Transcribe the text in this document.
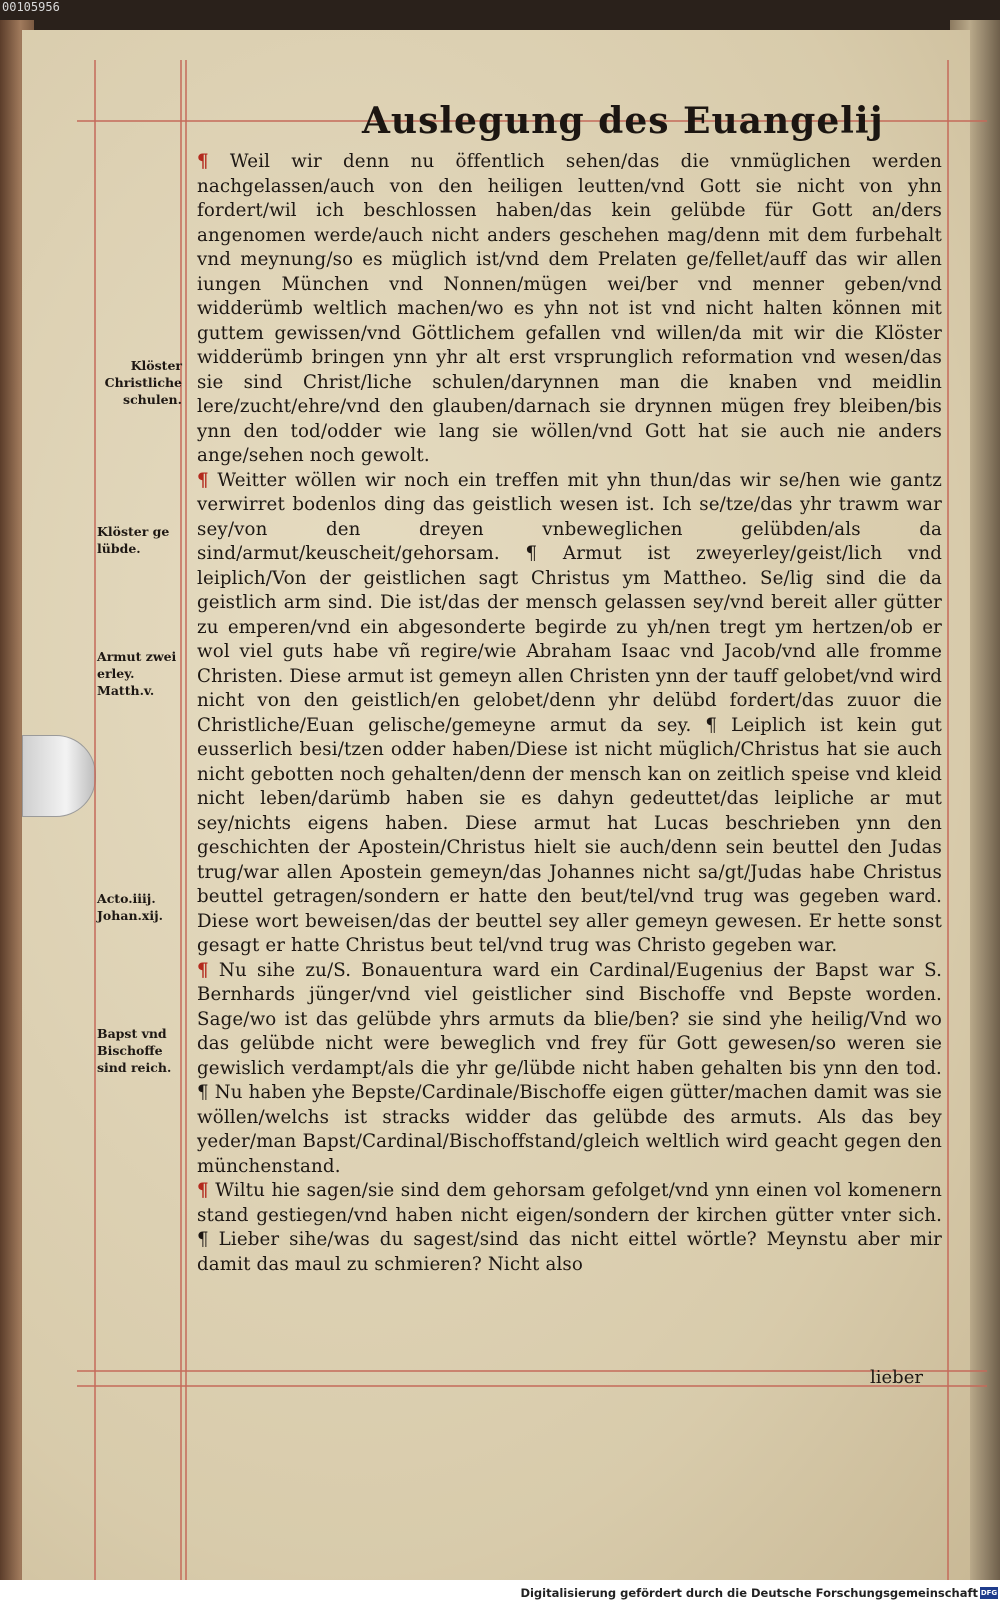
00105956
Auslegung des Euangelij
Klöster
Christliche
schulen.
Klöster ge
lübde.
Armut zwei
erley.
Matth.v.
Acto.iiij.
Johan.xij.
Bapst vnd
Bischoffe
sind reich.

¶ Weil wir denn nu öffentlich sehen/das die vnmüglichen werden nachgelassen/auch von den heiligen leutten/vnd Gott sie nicht von yhn fordert/wil ich beschlossen haben/das kein gelübde für Gott an/ders angenomen werde/auch nicht anders geschehen mag/denn mit dem furbehalt vnd meynung/so es müglich ist/vnd dem Prelaten ge/fellet/auff das wir allen iungen München vnd Nonnen/mügen wei/ber vnd menner geben/vnd widderümb weltlich machen/wo es yhn not ist vnd nicht halten können mit guttem gewissen/vnd Göttlichem gefallen vnd willen/da mit wir die Klöster widderümb bringen ynn yhr alt erst vrsprunglich reformation vnd wesen/das sie sind Christ/liche schulen/darynnen man die knaben vnd meidlin lere/zucht/ehre/vnd den glauben/darnach sie drynnen mügen frey bleiben/bis ynn den tod/odder wie lang sie wöllen/vnd Gott hat sie auch nie anders ange/sehen noch gewolt.

¶ Weitter wöllen wir noch ein treffen mit yhn thun/das wir se/hen wie gantz verwirret bodenlos ding das geistlich wesen ist. Ich se/tze/das yhr trawm war sey/von den dreyen vnbeweglichen gelübden/als da sind/armut/keuscheit/gehorsam. ¶ Armut ist zweyerley/geist/lich vnd leiplich/Von der geistlichen sagt Christus ym Mattheo. Se/lig sind die da geistlich arm sind. Die ist/das der mensch gelassen sey/vnd bereit aller gütter zu emperen/vnd ein abgesonderte begirde zu yh/nen tregt ym hertzen/ob er wol viel guts habe vñ regire/wie Abraham Isaac vnd Jacob/vnd alle fromme Christen. Diese armut ist gemeyn allen Christen ynn der tauff gelobet/vnd wird nicht von den geistlich/en gelobet/denn yhr delübd fordert/das zuuor die Christliche/Euan gelische/gemeyne armut da sey. ¶ Leiplich ist kein gut eusserlich besi/tzen odder haben/Diese ist nicht müglich/Christus hat sie auch nicht gebotten noch gehalten/denn der mensch kan on zeitlich speise vnd kleid nicht leben/darümb haben sie es dahyn gedeuttet/das leipliche ar mut sey/nichts eigens haben. Diese armut hat Lucas beschrieben ynn den geschichten der Apostein/Christus hielt sie auch/denn sein beuttel den Judas trug/war allen Apostein gemeyn/das Johannes nicht sa/gt/Judas habe Christus beuttel getragen/sondern er hatte den beut/tel/vnd trug was gegeben ward. Diese wort beweisen/das der beuttel sey aller gemeyn gewesen. Er hette sonst gesagt er hatte Christus beut tel/vnd trug was Christo gegeben war.

¶ Nu sihe zu/S. Bonauentura ward ein Cardinal/Eugenius der Bapst war S. Bernhards jünger/vnd viel geistlicher sind Bischoffe vnd Bepste worden. Sage/wo ist das gelübde yhrs armuts da blie/ben? sie sind yhe heilig/Vnd wo das gelübde nicht were beweglich vnd frey für Gott gewesen/so weren sie gewislich verdampt/als die yhr ge/lübde nicht haben gehalten bis ynn den tod. ¶ Nu haben yhe Bepste/Cardinale/Bischoffe eigen gütter/machen damit was sie wöllen/welchs ist stracks widder das gelübde des armuts. Als das bey yeder/man Bapst/Cardinal/Bischoffstand/gleich weltlich wird geacht gegen den münchenstand.

¶ Wiltu hie sagen/sie sind dem gehorsam gefolget/vnd ynn einen vol komenern stand gestiegen/vnd haben nicht eigen/sondern der kirchen gütter vnter sich. ¶ Lieber sihe/was du sagest/sind das nicht eittel wörtle? Meynstu aber mir damit das maul zu schmieren? Nicht also

lieber
Digitalisierung gefördert durch die Deutsche Forschungsgemeinschaft DFG
